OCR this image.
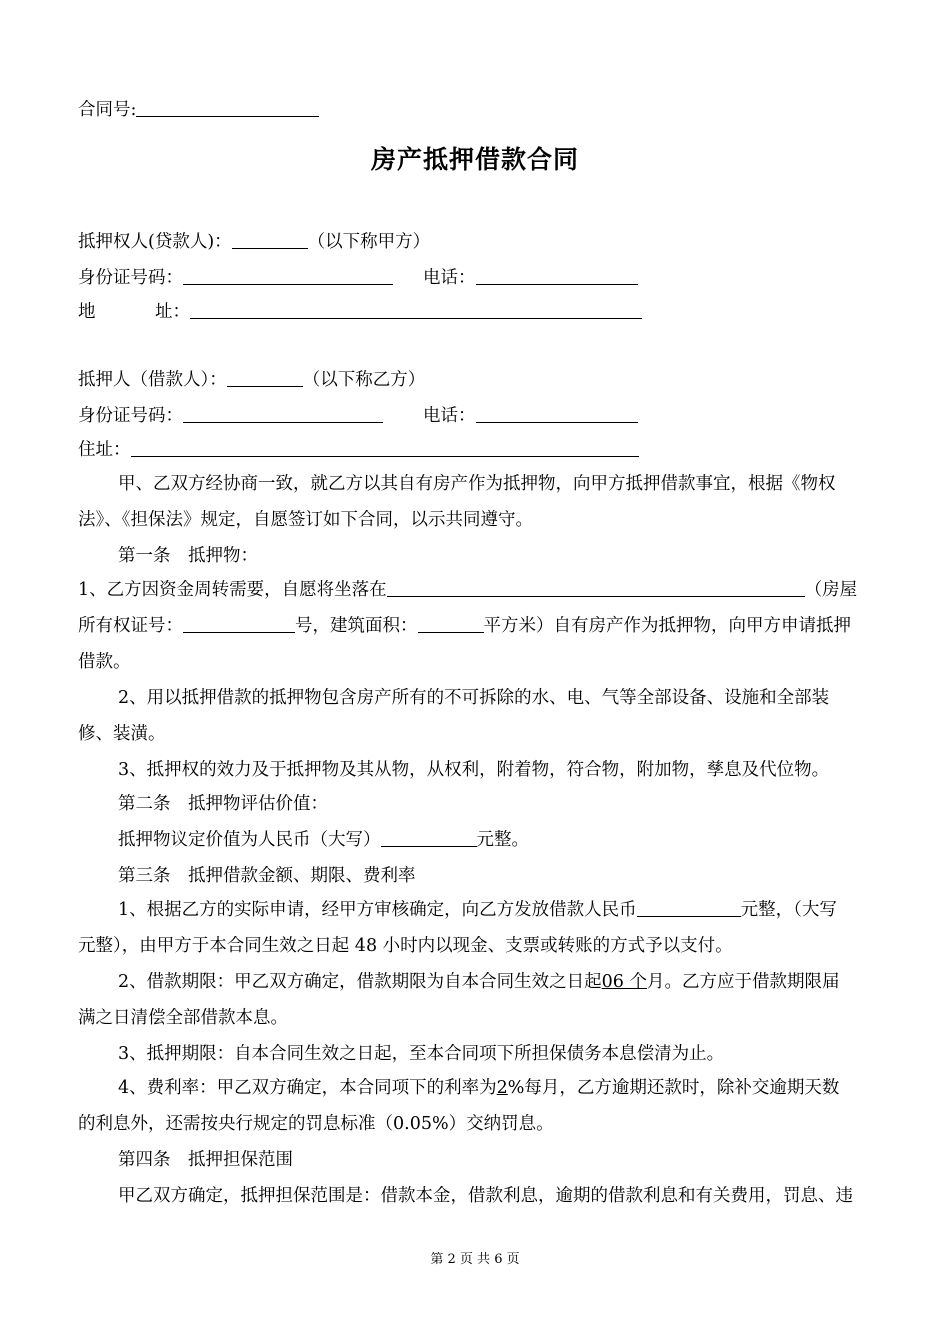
合同号:
房产抵押借款合同
抵押权人(贷款人)：	（以下称甲方）
身份证号码：	电话：
地	址：
抵押人（借款人）：	（以下称乙方）
身份证号码：	电话：
住址：
甲、乙双方经协商一致，就乙方以其自有房产作为抵押物，向甲方抵押借款事宜，根据《物权
法》、《担保法》规定，自愿签订如下合同，以示共同遵守。
第一条　抵押物：
1、乙方因资金周转需要，自愿将坐落在	（房屋
所有权证号：	号，建筑面积：	平方米）自有房产作为抵押物，向甲方申请抵押
借款。
2、用以抵押借款的抵押物包含房产所有的不可拆除的水、电、气等全部设备、设施和全部装
修、装潢。
3、抵押权的效力及于抵押物及其从物，从权利，附着物，符合物，附加物，孳息及代位物。
第二条　抵押物评估价值：
抵押物议定价值为人民币（大写）	元整。
第三条　抵押借款金额、期限、费利率
1、根据乙方的实际申请，经甲方审核确定，向乙方发放借款人民币	元整，（大写
元整），由甲方于本合同生效之日起 48 小时内以现金、支票或转账的方式予以支付。
2、借款期限：甲乙双方确定，借款期限为自本合同生效之日起06 个月。乙方应于借款期限届
满之日清偿全部借款本息。
3、抵押期限：自本合同生效之日起，至本合同项下所担保债务本息偿清为止。
4、费利率：甲乙双方确定，本合同项下的利率为2%每月，乙方逾期还款时，除补交逾期天数
的利息外，还需按央行规定的罚息标准（0.05%）交纳罚息。
第四条　抵押担保范围
甲乙双方确定，抵押担保范围是：借款本金，借款利息，逾期的借款利息和有关费用，罚息、违
第 2 页 共 6 页
